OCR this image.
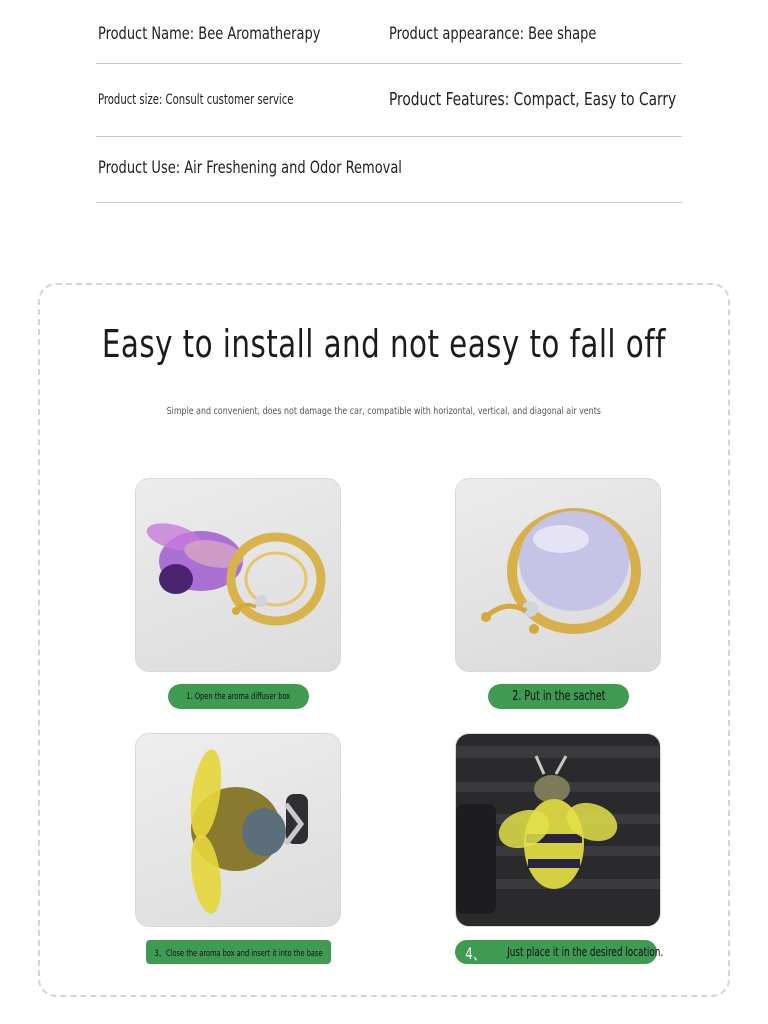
Product Name: Bee Aromatherapy	Product appearance: Bee shape
Product size: Consult customer service	Product Features: Compact, Easy to Carry
Product Use: Air Freshening and Odor Removal
Easy to install and not easy to fall off
Simple and convenient, does not damage the car, compatible with horizontal, vertical, and diagonal air vents
1. Open the aroma diffuser box	2. Put in the sachet
3、Close the aroma box and insert it into the base	4、 Just place it in the desired location.
